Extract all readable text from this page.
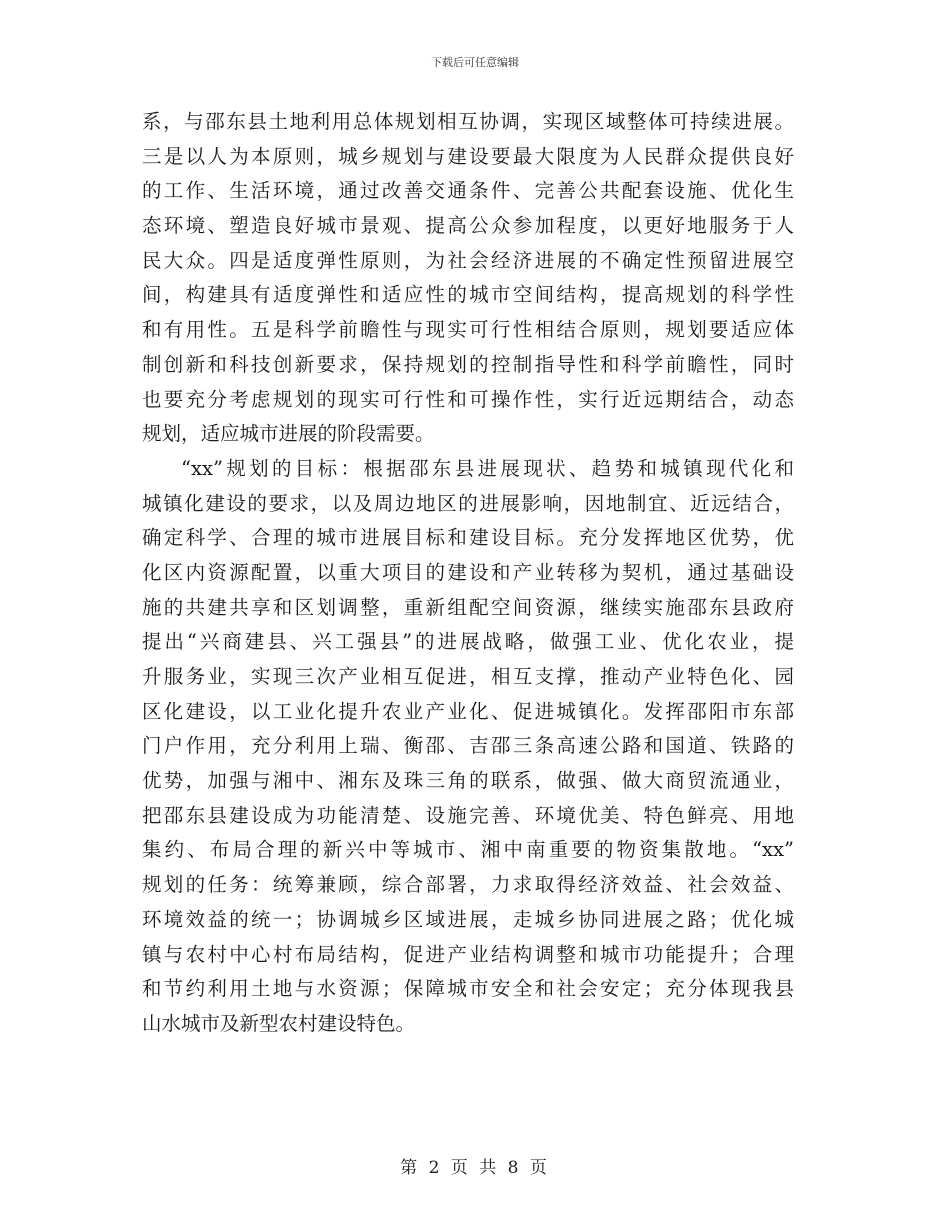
下载后可任意编辑
系，与邵东县土地利用总体规划相互协调，实现区域整体可持续进展。
三是以人为本原则，城乡规划与建设要最大限度为人民群众提供良好
的工作、生活环境，通过改善交通条件、完善公共配套设施、优化生
态环境、塑造良好城市景观、提高公众参加程度，以更好地服务于人
民大众。四是适度弹性原则，为社会经济进展的不确定性预留进展空
间，构建具有适度弹性和适应性的城市空间结构，提高规划的科学性
和有用性。五是科学前瞻性与现实可行性相结合原则，规划要适应体
制创新和科技创新要求，保持规划的控制指导性和科学前瞻性，同时
也要充分考虑规划的现实可行性和可操作性，实行近远期结合，动态
规划，适应城市进展的阶段需要。
“xx”规划的目标：根据邵东县进展现状、趋势和城镇现代化和
城镇化建设的要求，以及周边地区的进展影响，因地制宜、近远结合，
确定科学、合理的城市进展目标和建设目标。充分发挥地区优势，优
化区内资源配置，以重大项目的建设和产业转移为契机，通过基础设
施的共建共享和区划调整，重新组配空间资源，继续实施邵东县政府
提出“兴商建县、兴工强县”的进展战略，做强工业、优化农业，提
升服务业，实现三次产业相互促进，相互支撑，推动产业特色化、园
区化建设，以工业化提升农业产业化、促进城镇化。发挥邵阳市东部
门户作用，充分利用上瑞、衡邵、吉邵三条高速公路和国道、铁路的
优势，加强与湘中、湘东及珠三角的联系，做强、做大商贸流通业，
把邵东县建设成为功能清楚、设施完善、环境优美、特色鲜亮、用地
集约、布局合理的新兴中等城市、湘中南重要的物资集散地。“xx”
规划的任务：统筹兼顾，综合部署，力求取得经济效益、社会效益、
环境效益的统一；协调城乡区域进展，走城乡协同进展之路；优化城
镇与农村中心村布局结构，促进产业结构调整和城市功能提升；合理
和节约利用土地与水资源；保障城市安全和社会安定；充分体现我县
山水城市及新型农村建设特色。
第 2 页 共 8 页
